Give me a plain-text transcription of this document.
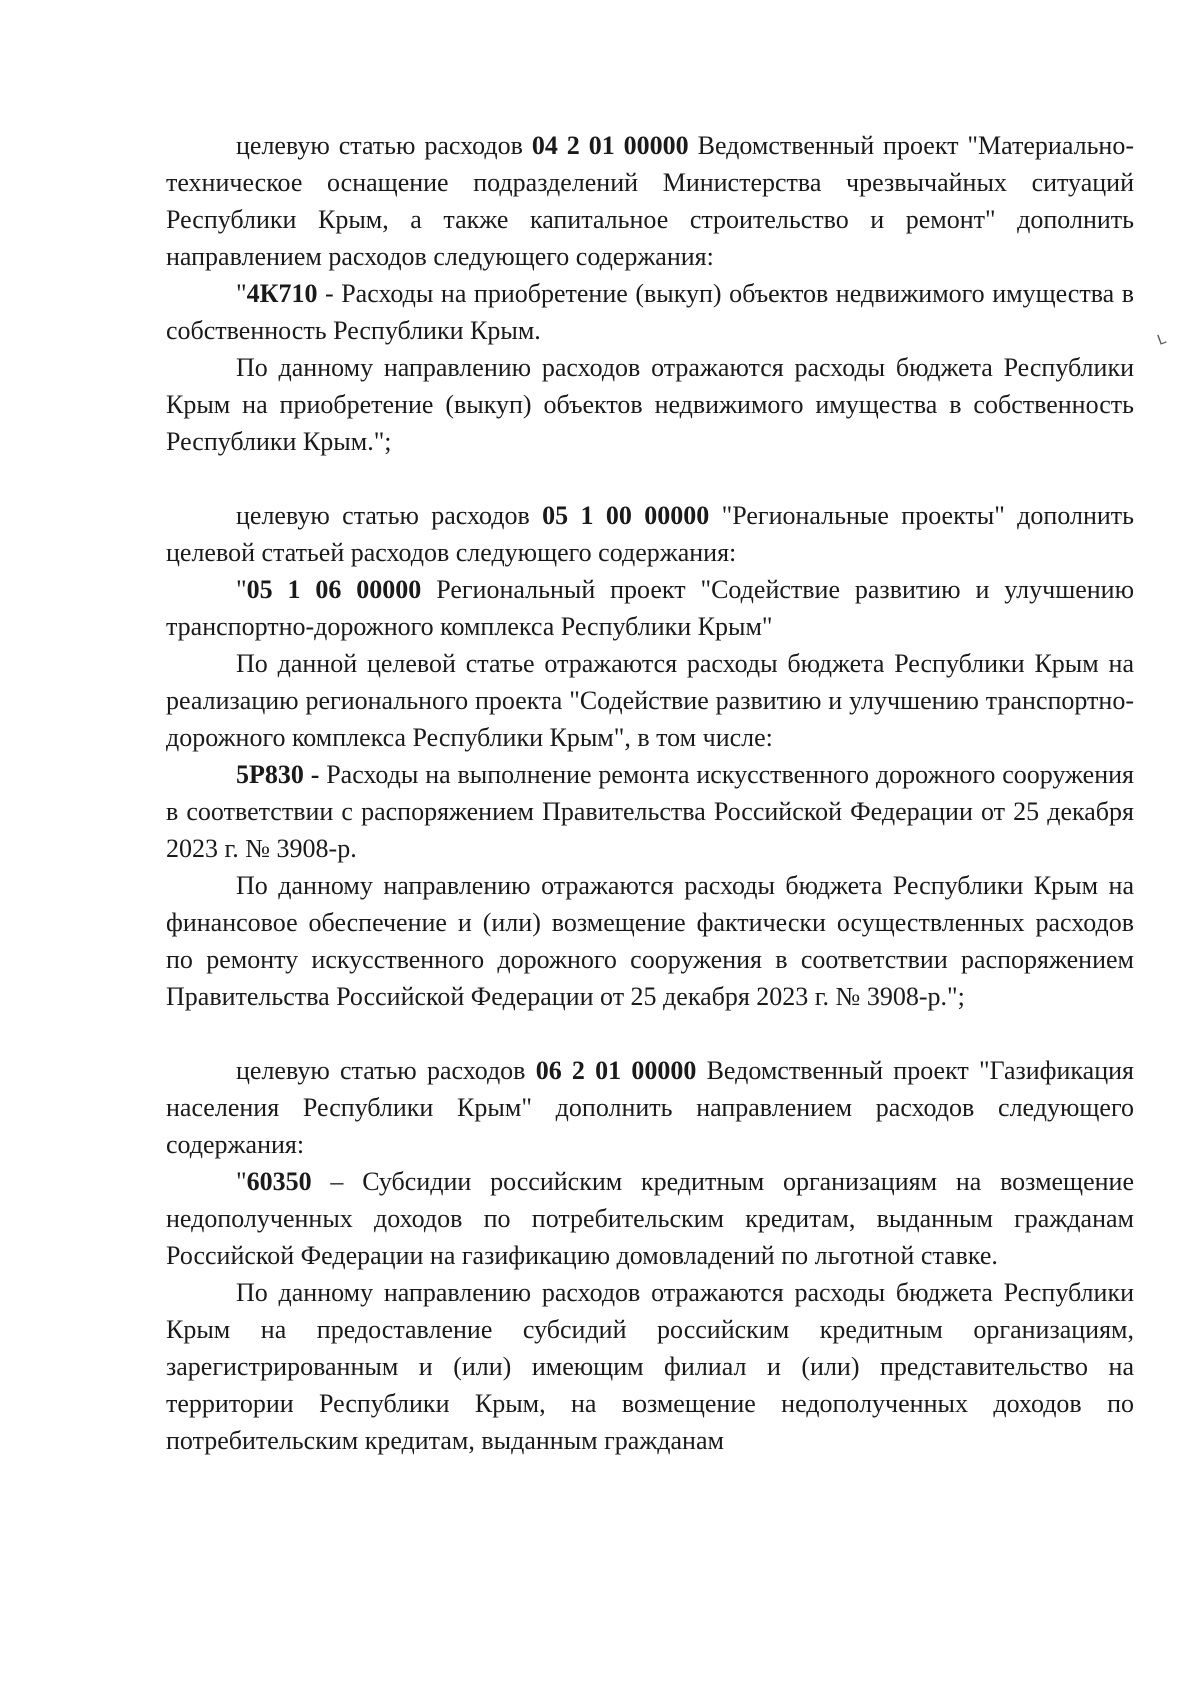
целевую статью расходов 04 2 01 00000 Ведомственный проект "Материально-техническое оснащение подразделений Министерства чрезвычайных ситуаций Республики Крым, а также капитальное строительство и ремонт" дополнить направлением расходов следующего содержания:

"4К710 - Расходы на приобретение (выкуп) объектов недвижимого имущества в собственность Республики Крым.

По данному направлению расходов отражаются расходы бюджета Республики Крым на приобретение (выкуп) объектов недвижимого имущества в собственность Республики Крым.";

целевую статью расходов 05 1 00 00000 "Региональные проекты" дополнить целевой статьей расходов следующего содержания:

"05 1 06 00000 Региональный проект "Содействие развитию и улучшению транспортно-дорожного комплекса Республики Крым"

По данной целевой статье отражаются расходы бюджета Республики Крым на реализацию регионального проекта "Содействие развитию и улучшению транспортно-дорожного комплекса Республики Крым", в том числе:

5Р830 - Расходы на выполнение ремонта искусственного дорожного сооружения в соответствии с распоряжением Правительства Российской Федерации от 25 декабря 2023 г. № 3908-р.

По данному направлению отражаются расходы бюджета Республики Крым на финансовое обеспечение и (или) возмещение фактически осуществленных расходов по ремонту искусственного дорожного сооружения в соответствии распоряжением Правительства Российской Федерации от 25 декабря 2023 г. № 3908-р.";

целевую статью расходов 06 2 01 00000 Ведомственный проект "Газификация населения Республики Крым" дополнить направлением расходов следующего содержания:

"60350 – Субсидии российским кредитным организациям на возмещение недополученных доходов по потребительским кредитам, выданным гражданам Российской Федерации на газификацию домовладений по льготной ставке.

По данному направлению расходов отражаются расходы бюджета Республики Крым на предоставление субсидий российским кредитным организациям, зарегистрированным и (или) имеющим филиал и (или) представительство на территории Республики Крым, на возмещение недополученных доходов по потребительским кредитам, выданным гражданам

ᒪ
